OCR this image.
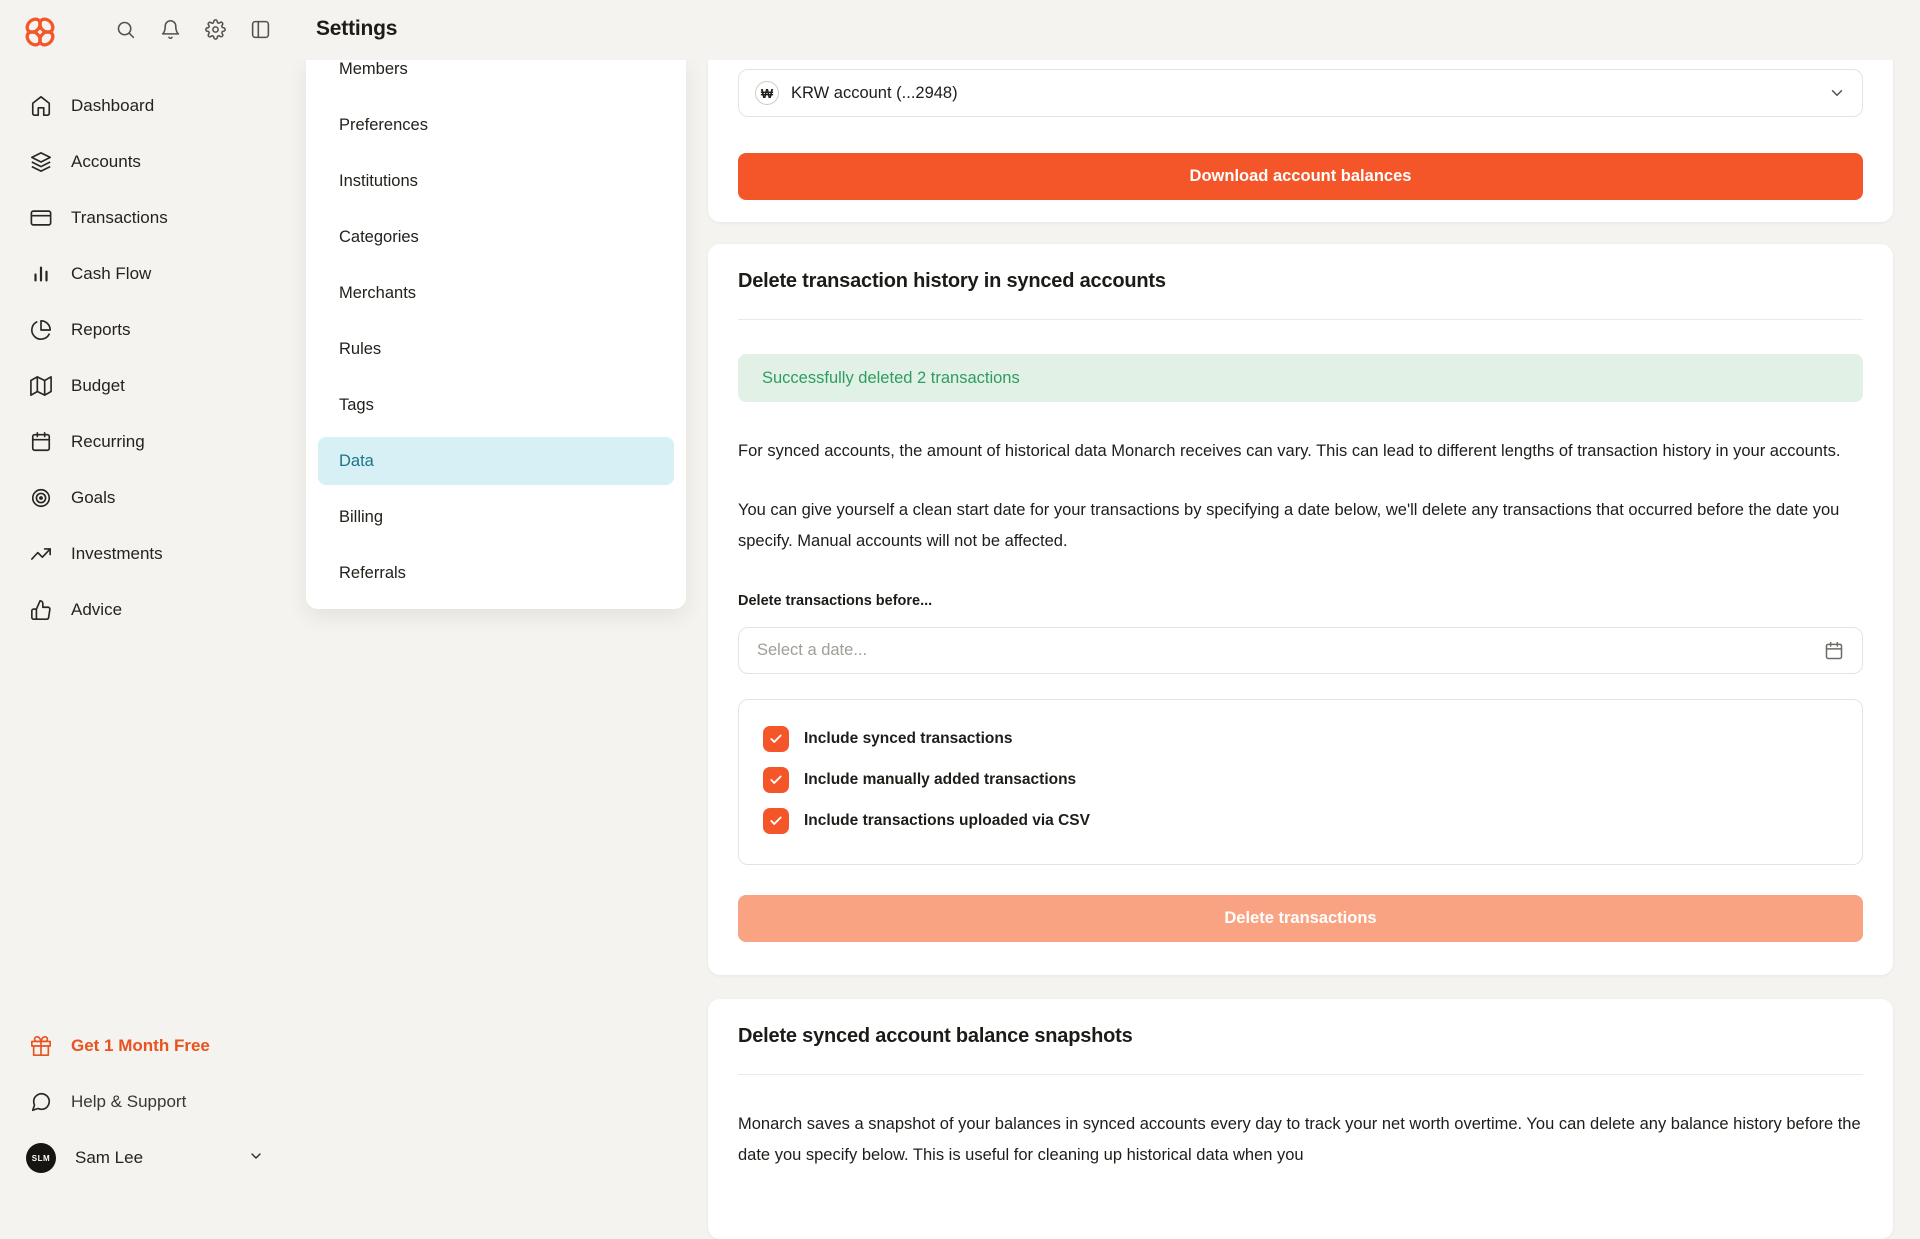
Settings
Dashboard
Accounts
Transactions
Cash Flow
Reports
Budget
Recurring
Goals
Investments
Advice
Get 1 Month Free
Help & Support
SLM	Sam Lee
Members
Preferences
Institutions
Categories
Merchants
Rules
Tags
Data
Billing
Referrals
₩	KRW account (...2948)
Download account balances
Delete transaction history in synced accounts
Successfully deleted 2 transactions

For synced accounts, the amount of historical data Monarch receives can vary. This can lead to different lengths of transaction history in your accounts.

You can give yourself a clean start date for your transactions by specifying a date below, we'll delete any transactions that occurred before the date you specify. Manual accounts will not be affected.

Delete transactions before...
Select a date...
Include synced transactions
Include manually added transactions
Include transactions uploaded via CSV
Delete transactions
Delete synced account balance snapshots

Monarch saves a snapshot of your balances in synced accounts every day to track your net worth overtime. You can delete any balance history before the date you specify below. This is useful for cleaning up historical data when you
